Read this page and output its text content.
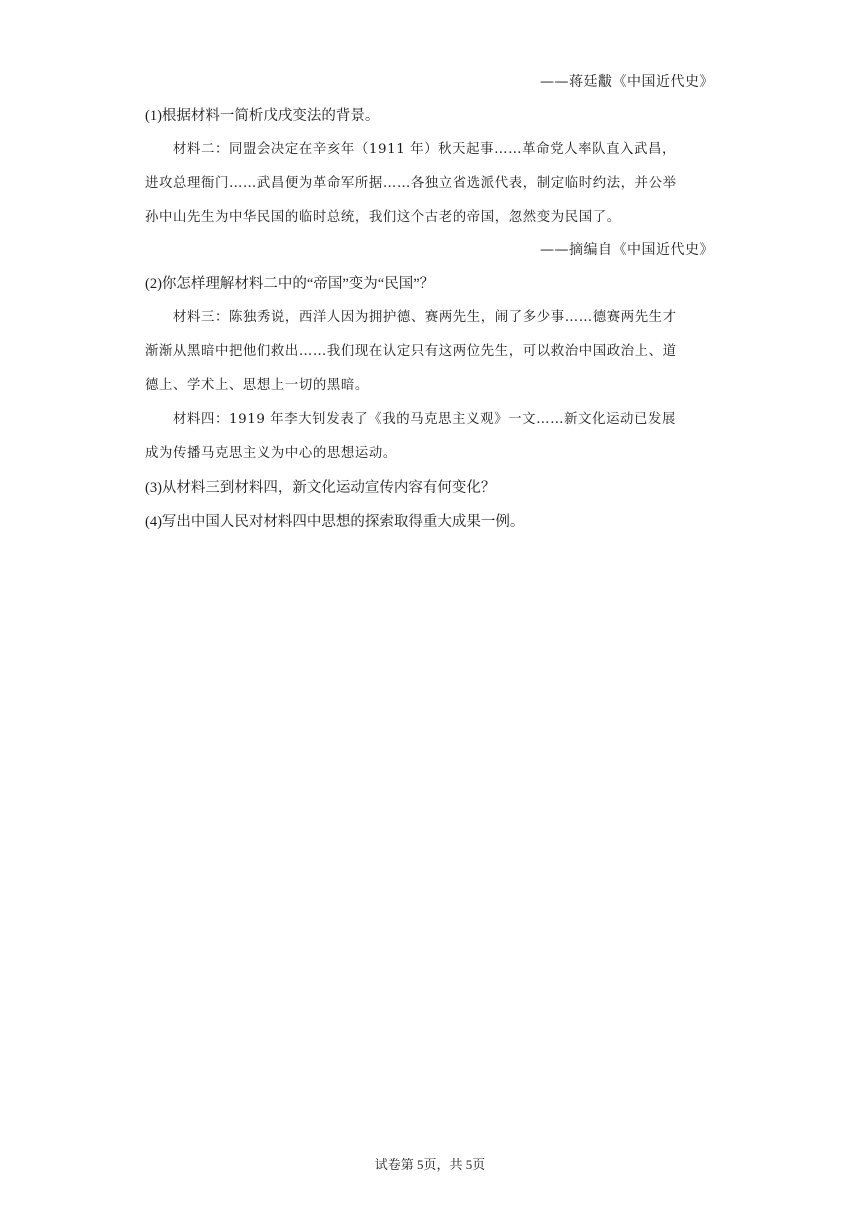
——蒋廷黻《中国近代史》
(1)根据材料一简析戊戌变法的背景。
材料二：同盟会决定在辛亥年（1911 年）秋天起事……革命党人率队直入武昌，
进攻总理衙门……武昌便为革命军所据……各独立省选派代表，制定临时约法，并公举
孙中山先生为中华民国的临时总统，我们这个古老的帝国，忽然变为民国了。
——摘编自《中国近代史》
(2)你怎样理解材料二中的“帝国”变为“民国”？
材料三：陈独秀说，西洋人因为拥护德、赛两先生，闹了多少事……德赛两先生才
渐渐从黑暗中把他们救出……我们现在认定只有这两位先生，可以救治中国政治上、道
德上、学术上、思想上一切的黑暗。
材料四：1919 年李大钊发表了《我的马克思主义观》一文……新文化运动已发展
成为传播马克思主义为中心的思想运动。
(3)从材料三到材料四，新文化运动宣传内容有何变化？
(4)写出中国人民对材料四中思想的探索取得重大成果一例。
试卷第 5页，共 5页
